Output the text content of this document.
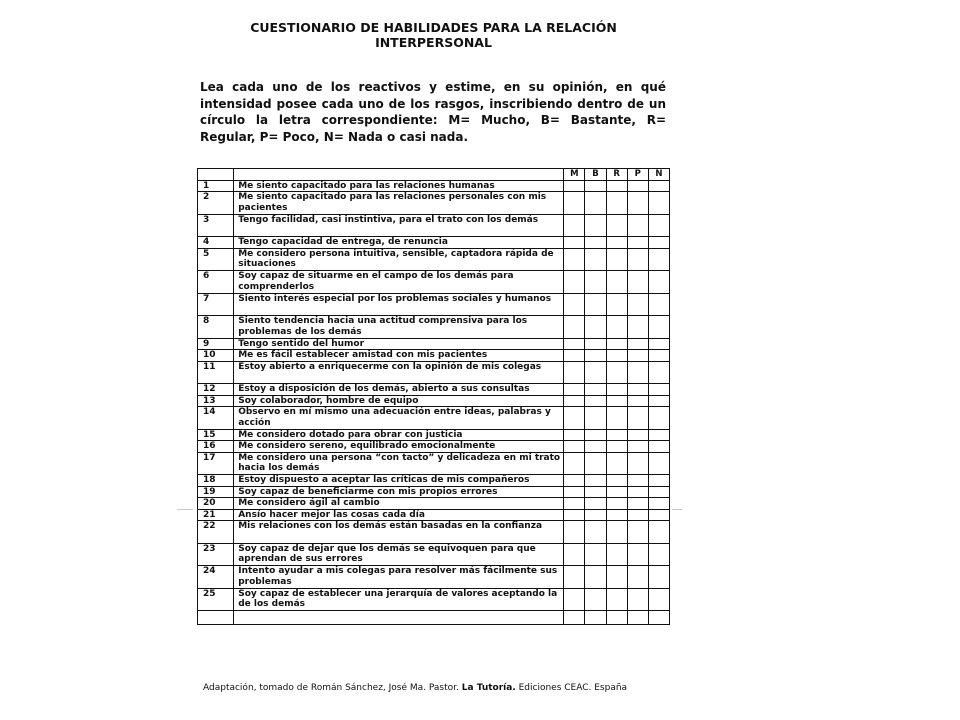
CUESTIONARIO DE HABILIDADES PARA LA RELACIÓN
INTERPERSONAL

Lea cada uno de los reactivos y estime, en su opinión, en qué intensidad posee cada uno de los rasgos, inscribiendo dentro de un círculo la letra correspondiente: M= Mucho, B= Bastante, R= Regular, P= Poco, N= Nada o casi nada.

		M	B	R	P	N
1	Me siento capacitado para las relaciones humanas					
2	Me siento capacitado para las relaciones personales con mis pacientes					
3	Tengo facilidad, casi instintiva, para el trato con los demás					
4	Tengo capacidad de entrega, de renuncia					
5	Me considero persona intuitiva, sensible, captadora rápida de situaciones					
6	Soy capaz de situarme en el campo de los demás para comprenderlos					
7	Siento interés especial por los problemas sociales y humanos					
8	Siento tendencia hacia una actitud comprensiva para los problemas de los demás					
9	Tengo sentido del humor					
10	Me es fácil establecer amistad con mis pacientes					
11	Estoy abierto a enriquecerme con la opinión de mis colegas					
12	Estoy a disposición de los demás, abierto a sus consultas					
13	Soy colaborador, hombre de equipo					
14	Observo en mí mismo una adecuación entre ideas, palabras y acción					
15	Me considero dotado para obrar con justicia					
16	Me considero sereno, equilibrado emocionalmente					
17	Me considero una persona “con tacto” y delicadeza en mi trato hacia los demás					
18	Estoy dispuesto a aceptar las críticas de mis compañeros					
19	Soy capaz de beneficiarme con mis propios errores					
20	Me considero ágil al cambio					
21	Ansío hacer mejor las cosas cada día					
22	Mis relaciones con los demás están basadas en la confianza					
23	Soy capaz de dejar que los demás se equivoquen para que aprendan de sus errores					
24	Intento ayudar a mis colegas para resolver más fácilmente sus problemas					
25	Soy capaz de establecer una jerarquía de valores aceptando la de los demás					

Adaptación, tomado de Román Sánchez, José Ma. Pastor. La Tutoría. Ediciones CEAC. España
